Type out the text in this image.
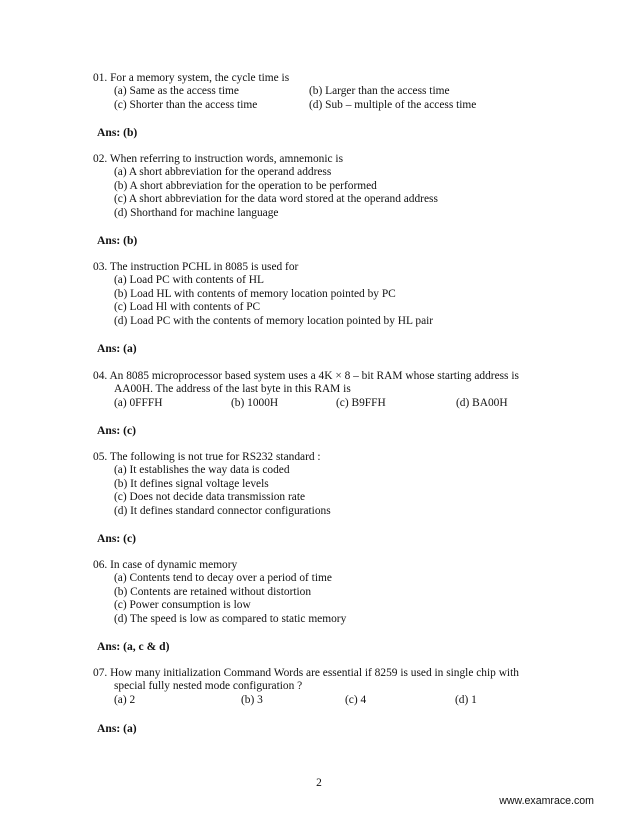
01. For a memory system, the cycle time is
(a) Same as the access time	(b) Larger than the access time
(c) Shorter than the access time	(d) Sub – multiple of the access time
Ans: (b)
02. When referring to instruction words, amnemonic is
(a) A short abbreviation for the operand address
(b) A short abbreviation for the operation to be performed
(c) A short abbreviation for the data word stored at the operand address
(d) Shorthand for machine language
Ans: (b)
03. The instruction PCHL in 8085 is used for
(a) Load PC with contents of HL
(b) Load HL with contents of memory location pointed by PC
(c) Load Hl with contents of PC
(d) Load PC with the contents of memory location pointed by HL pair
Ans: (a)
04. An 8085 microprocessor based system uses a 4K × 8 – bit RAM whose starting address is
AA00H. The address of the last byte in this RAM is
(a) 0FFFH	(b) 1000H	(c) B9FFH	(d) BA00H
Ans: (c)
05. The following is not true for RS232 standard :
(a) It establishes the way data is coded
(b) It defines signal voltage levels
(c) Does not decide data transmission rate
(d) It defines standard connector configurations
Ans: (c)
06. In case of dynamic memory
(a) Contents tend to decay over a period of time
(b) Contents are retained without distortion
(c) Power consumption is low
(d) The speed is low as compared to static memory
Ans: (a, c & d)
07. How many initialization Command Words are essential if 8259 is used in single chip with
special fully nested mode configuration ?
(a) 2	(b) 3	(c) 4	(d) 1
Ans: (a)
2
www.examrace.com
